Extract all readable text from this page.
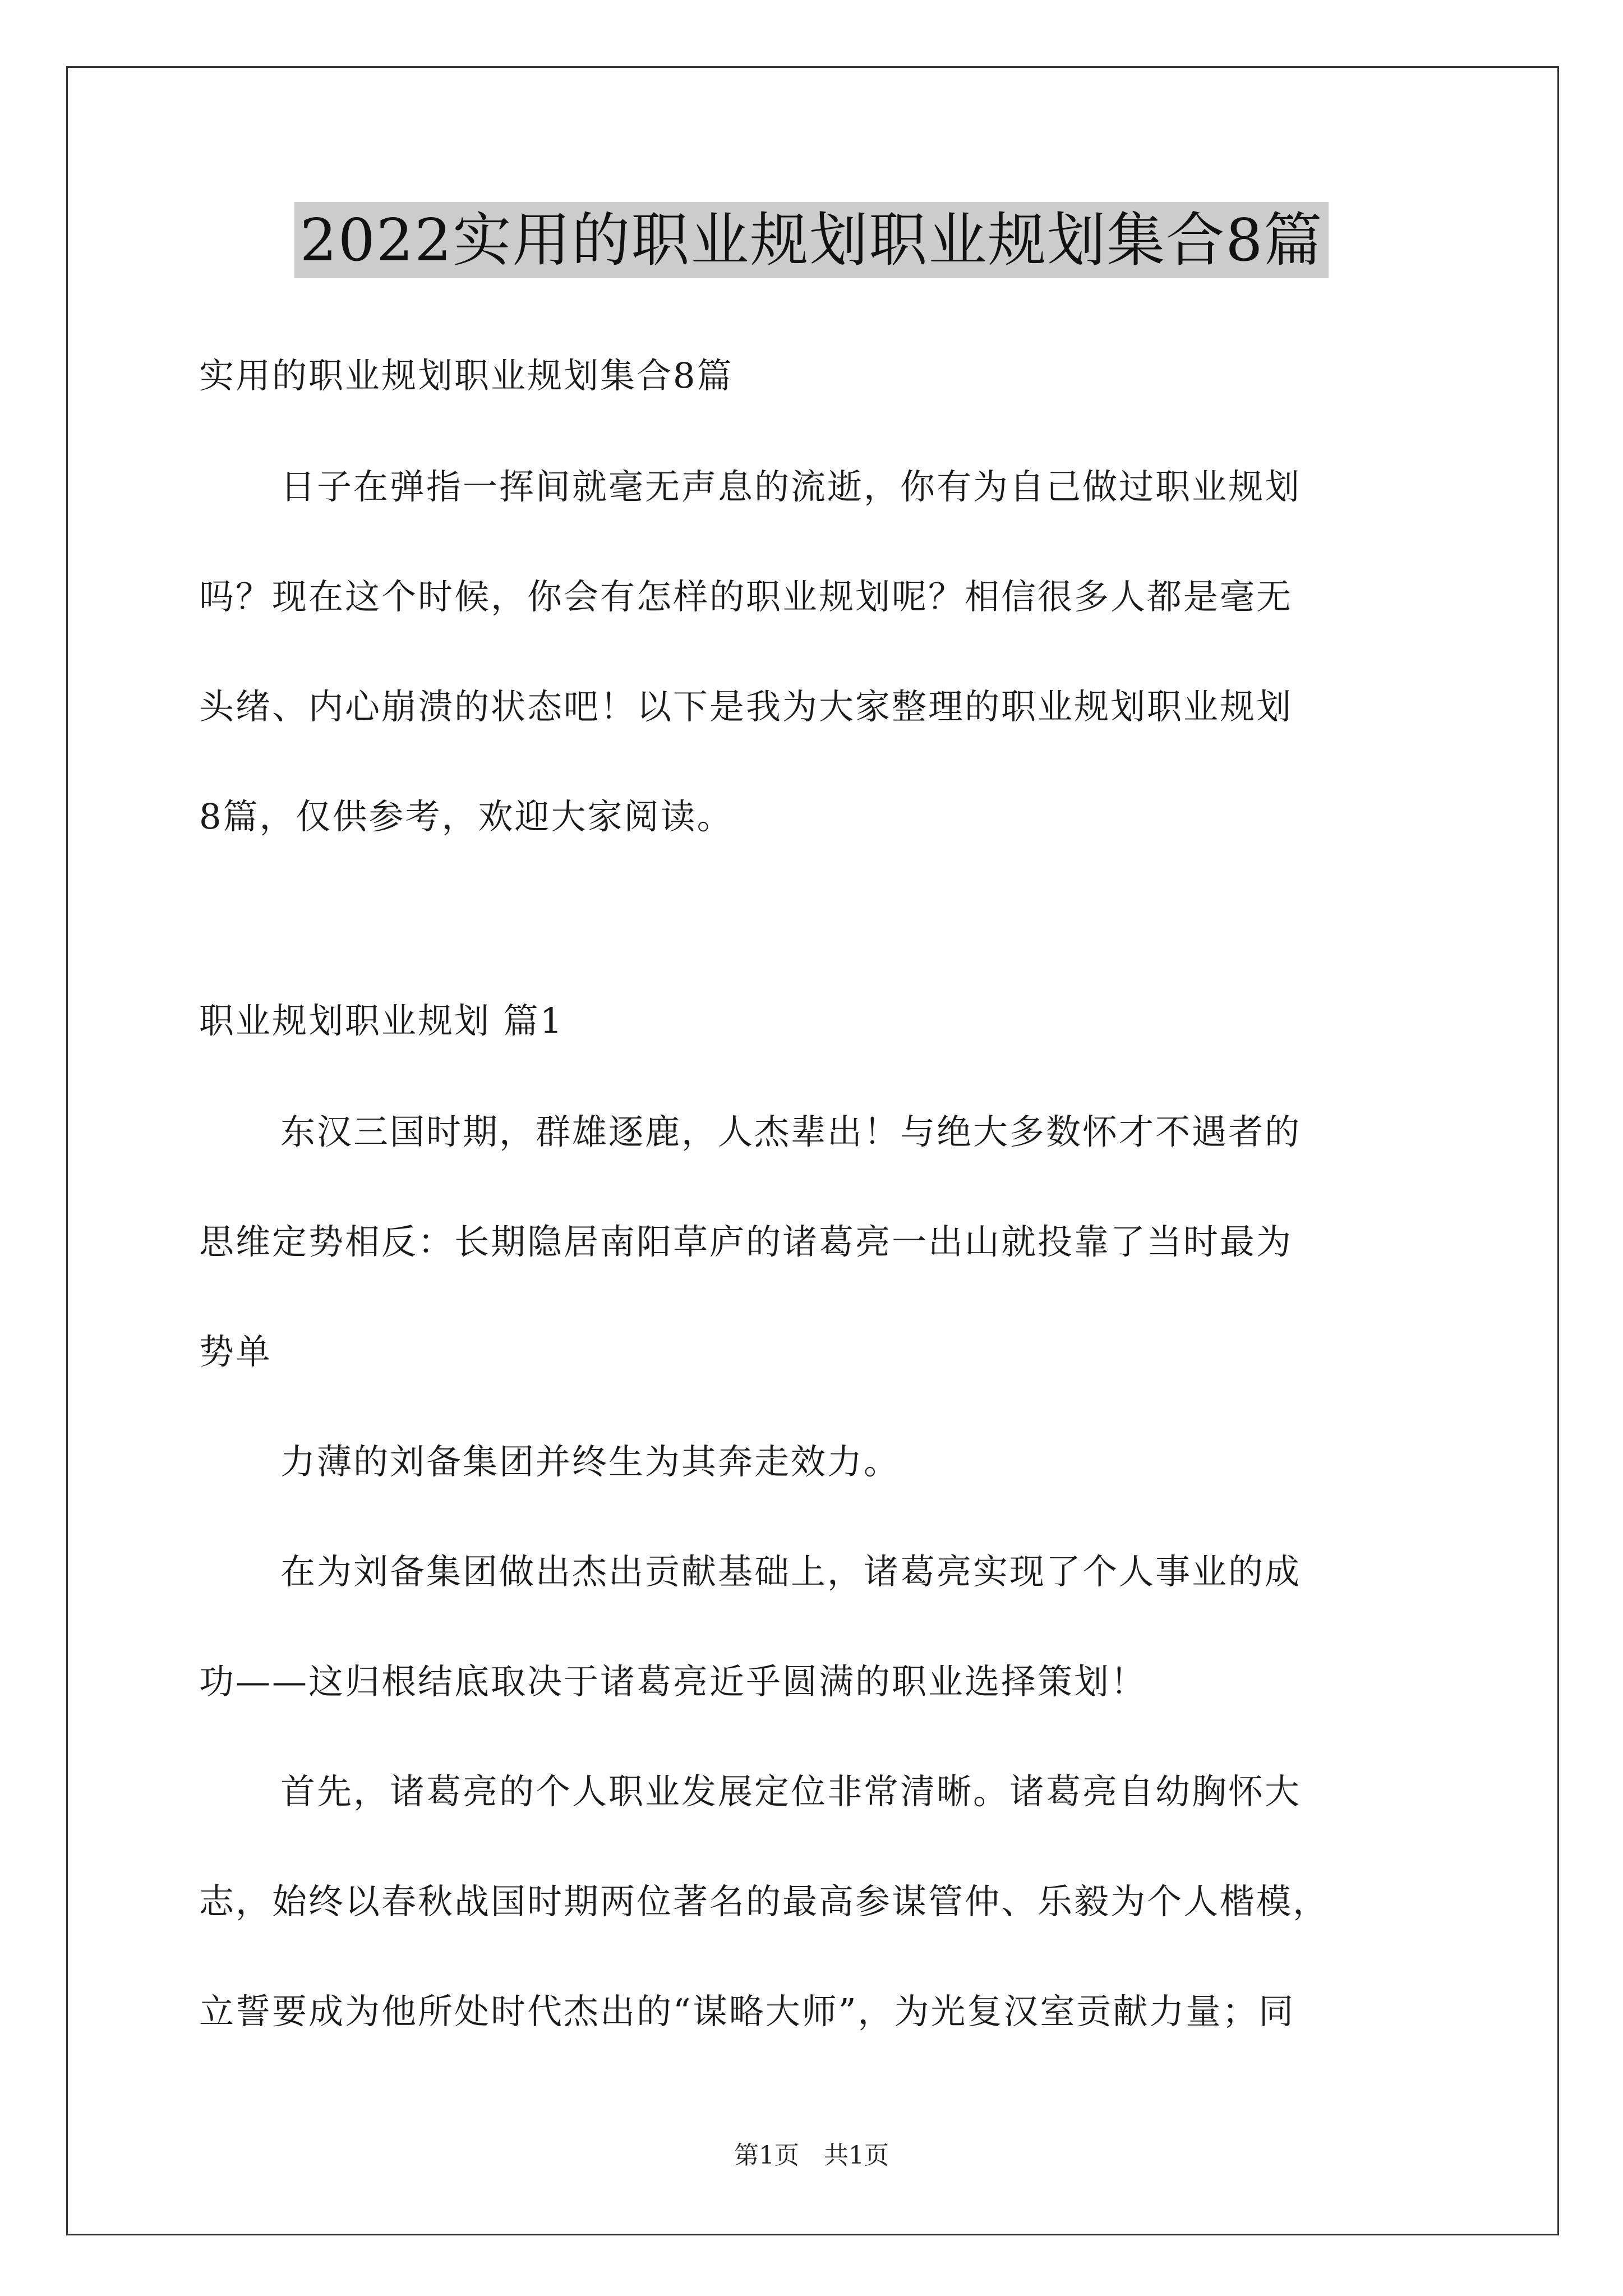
2022实用的职业规划职业规划集合8篇
实用的职业规划职业规划集合8篇
日子在弹指一挥间就毫无声息的流逝，你有为自己做过职业规划
吗？现在这个时候，你会有怎样的职业规划呢？相信很多人都是毫无
头绪、内心崩溃的状态吧！以下是我为大家整理的职业规划职业规划
8篇，仅供参考，欢迎大家阅读。
职业规划职业规划 篇1
东汉三国时期，群雄逐鹿，人杰辈出！与绝大多数怀才不遇者的
思维定势相反：长期隐居南阳草庐的诸葛亮一出山就投靠了当时最为
势单
力薄的刘备集团并终生为其奔走效力。
在为刘备集团做出杰出贡献基础上，诸葛亮实现了个人事业的成
功——这归根结底取决于诸葛亮近乎圆满的职业选择策划！
首先，诸葛亮的个人职业发展定位非常清晰。诸葛亮自幼胸怀大
志，始终以春秋战国时期两位著名的最高参谋管仲、乐毅为个人楷模，
立誓要成为他所处时代杰出的“谋略大师”，为光复汉室贡献力量；同
第1页　共1页
